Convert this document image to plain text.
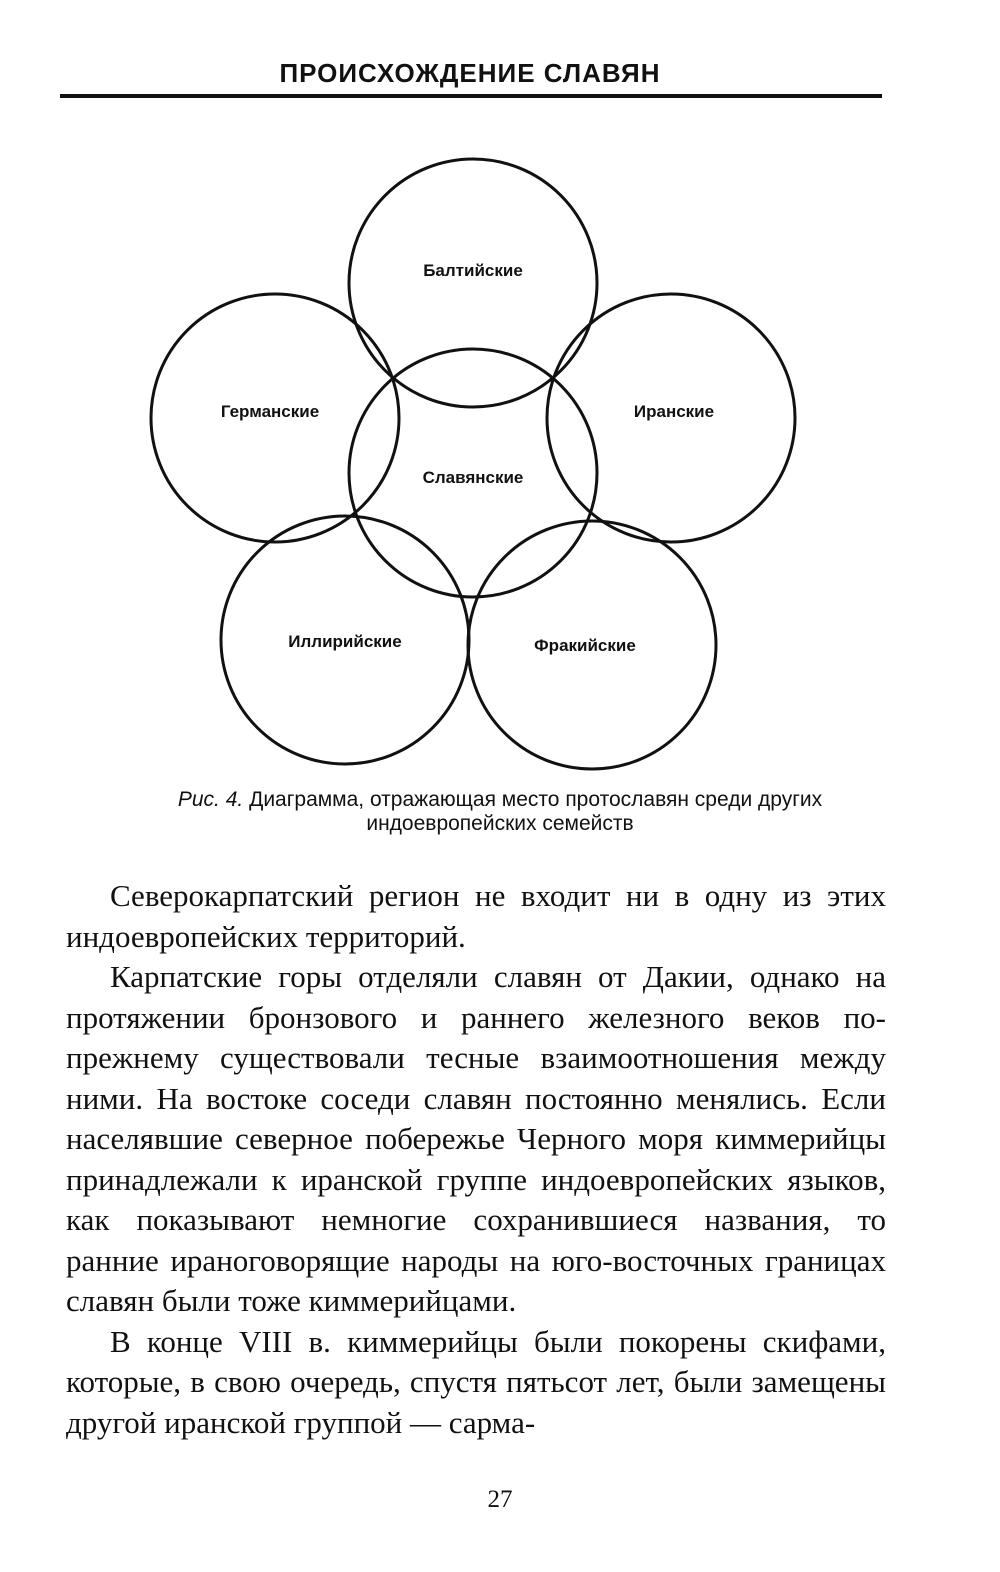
ПРОИСХОЖДЕНИЕ СЛАВЯН
Балтийские
Германские	Иранские
Славянские
Иллирийские	Фракийские
Рис. 4. Диаграмма, отражающая место протославян среди других
индоевропейских семейств

Северокарпатский регион не входит ни в одну из этих индоевропейских территорий.

Карпатские горы отделяли славян от Дакии, однако на протяжении бронзового и раннего железного веков по-прежнему существовали тесные взаимоотношения между ними. На востоке соседи славян постоянно менялись. Если населявшие северное побережье Черного моря киммерийцы принадлежали к иранской группе индоевропейских языков, как показывают немногие сохранившиеся названия, то ранние ираноговорящие народы на юго-восточных границах славян были тоже киммерийцами.

В конце VIII в. киммерийцы были покорены скифами, которые, в свою очередь, спустя пятьсот лет, были замещены другой иранской группой — сарма-

27
